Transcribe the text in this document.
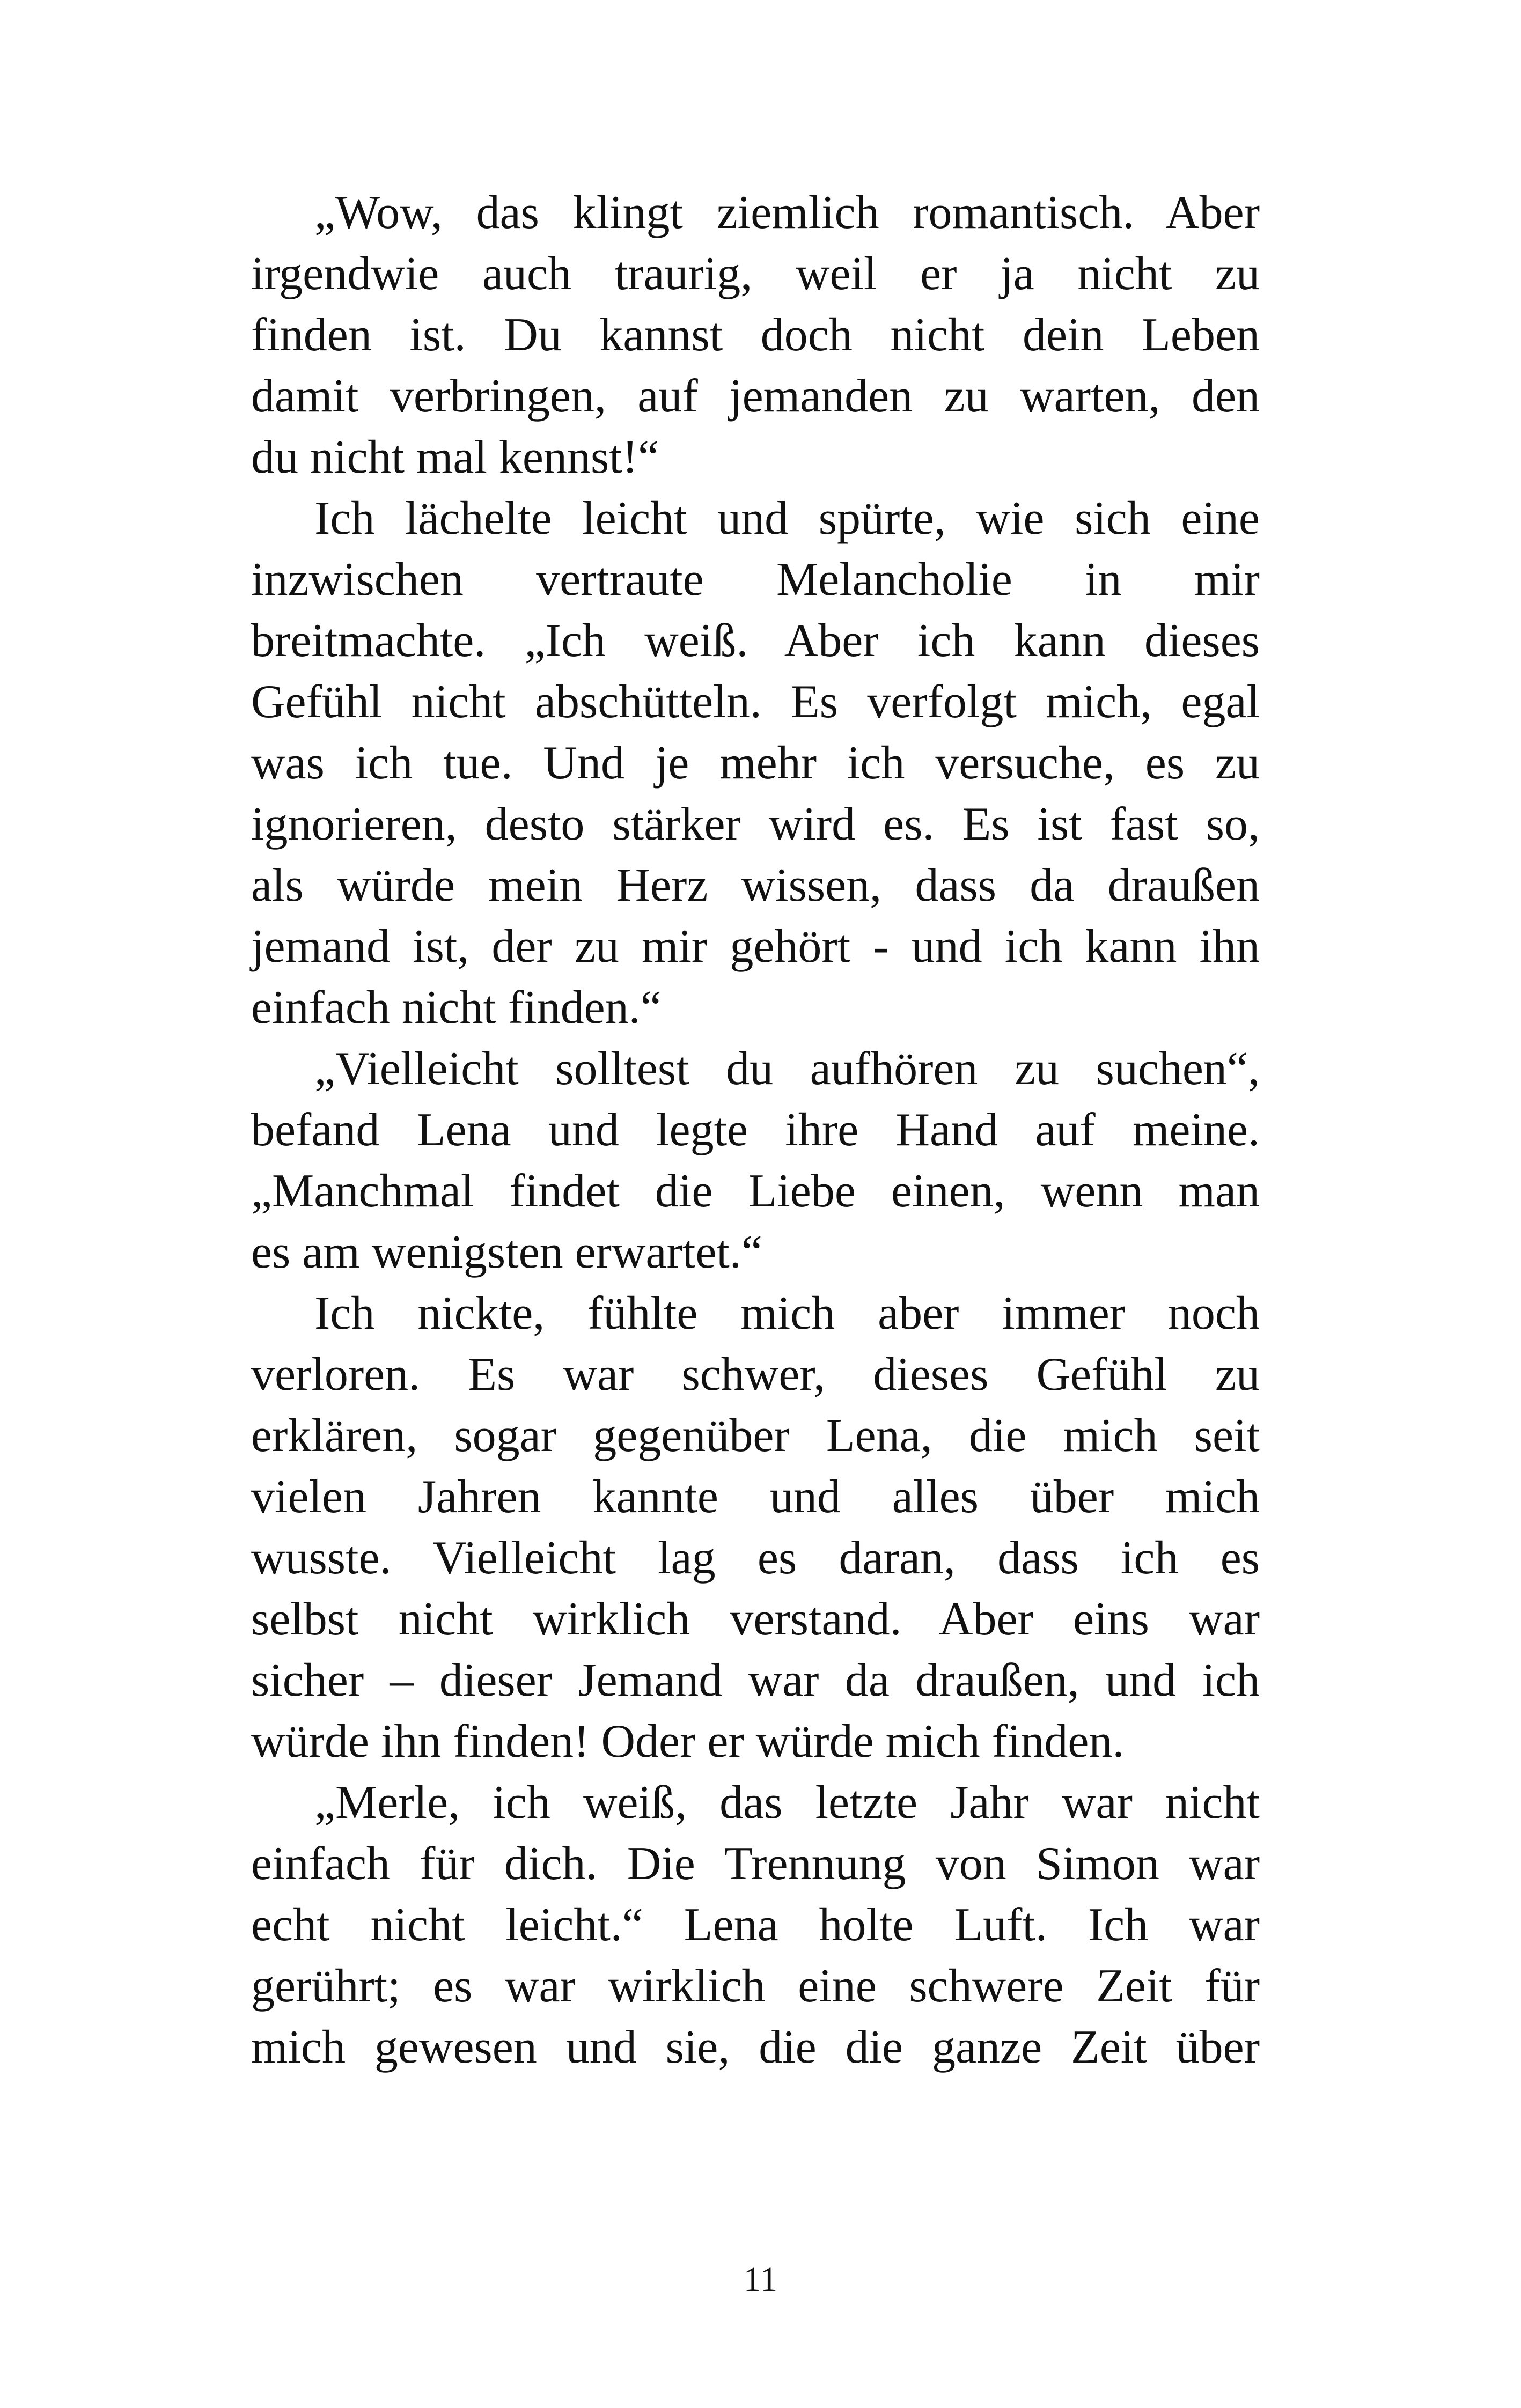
„Wow, das klingt ziemlich romantisch. Aber
irgendwie auch traurig, weil er ja nicht zu
finden ist. Du kannst doch nicht dein Leben
damit verbringen, auf jemanden zu warten, den
du nicht mal kennst!“
Ich lächelte leicht und spürte, wie sich eine
inzwischen vertraute Melancholie in mir
breitmachte. „Ich weiß. Aber ich kann dieses
Gefühl nicht abschütteln. Es verfolgt mich, egal
was ich tue. Und je mehr ich versuche, es zu
ignorieren, desto stärker wird es. Es ist fast so,
als würde mein Herz wissen, dass da draußen
jemand ist, der zu mir gehört - und ich kann ihn
einfach nicht finden.“
„Vielleicht solltest du aufhören zu suchen“,
befand Lena und legte ihre Hand auf meine.
„Manchmal findet die Liebe einen, wenn man
es am wenigsten erwartet.“
Ich nickte, fühlte mich aber immer noch
verloren. Es war schwer, dieses Gefühl zu
erklären, sogar gegenüber Lena, die mich seit
vielen Jahren kannte und alles über mich
wusste. Vielleicht lag es daran, dass ich es
selbst nicht wirklich verstand. Aber eins war
sicher – dieser Jemand war da draußen, und ich
würde ihn finden! Oder er würde mich finden.
„Merle, ich weiß, das letzte Jahr war nicht
einfach für dich. Die Trennung von Simon war
echt nicht leicht.“ Lena holte Luft. Ich war
gerührt; es war wirklich eine schwere Zeit für
mich gewesen und sie, die die ganze Zeit über
11
